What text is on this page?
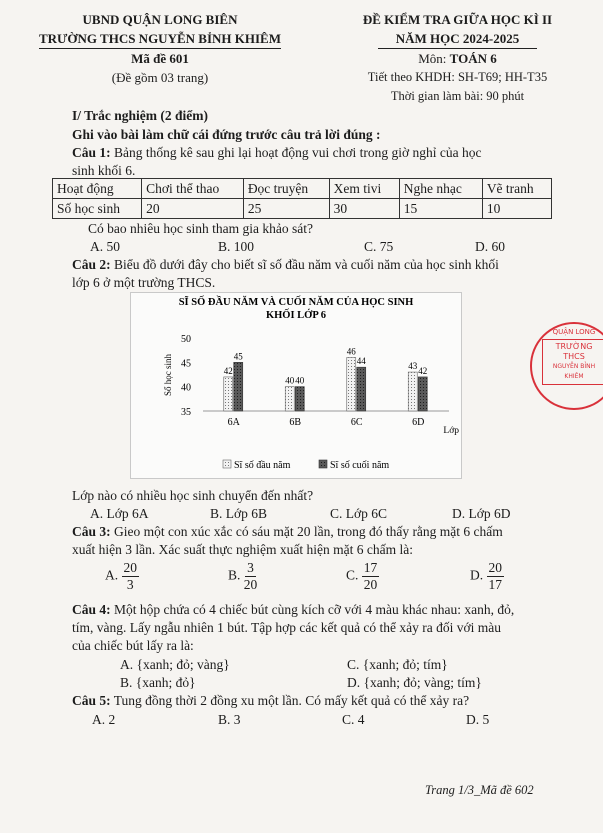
UBND QUẬN LONG BIÊN
TRƯỜNG THCS NGUYỄN BỈNH KHIÊM
Mã đề 601
(Đề gồm 03 trang)
ĐỀ KIỂM TRA GIỮA HỌC KÌ II
NĂM HỌC 2024-2025
Môn: TOÁN 6
Tiết theo KHDH: SH-T69; HH-T35
Thời gian làm bài: 90 phút
I/ Trắc nghiệm (2 điểm)
Ghi vào bài làm chữ cái đứng trước câu trả lời đúng :
Câu 1: Bảng thống kê sau ghi lại hoạt động vui chơi trong giờ nghỉ của học
sinh khối 6.
Hoạt động	Chơi thể thao	Đọc truyện	Xem tivi	Nghe nhạc	Vẽ tranh
Số học sinh	20	25	30	15	10
Có bao nhiêu học sinh tham gia khảo sát?
A. 50	B. 100	C. 75	D. 60
Câu 2: Biểu đồ dưới đây cho biết sĩ số đầu năm và cuối năm của học sinh khối
lớp 6 ở một trường THCS.
SĨ SỐ ĐẦU NĂM VÀ CUỐI NĂM CỦA HỌC SINH
KHỐI LỚP 6
Số học sinh
Lớp
35
40
45
50
42
45
6A
40 40
6B
46
44
6C
43 42
6D
Sĩ số đầu năm	Sĩ số cuối năm
Lớp nào có nhiều học sinh chuyển đến nhất?
A. Lớp 6A	B. Lớp 6B	C. Lớp 6C	D. Lớp 6D
Câu 3: Gieo một con xúc xắc có sáu mặt 20 lần, trong đó thấy rằng mặt 6 chấm
xuất hiện 3 lần. Xác suất thực nghiệm xuất hiện mặt 6 chấm là:
A. $\frac{20}{3}$	B. $\frac{3}{20}$	C. $\frac{17}{20}$	D. $\frac{20}{17}$
Câu 4: Một hộp chứa có 4 chiếc bút cùng kích cỡ với 4 màu khác nhau: xanh, đỏ,
tím, vàng. Lấy ngẫu nhiên 1 bút. Tập hợp các kết quả có thể xảy ra đối với màu
của chiếc bút lấy ra là:
A. {xanh; đỏ; vàng}	C. {xanh; đỏ; tím}
B. {xanh; đỏ}	D. {xanh; đỏ; vàng; tím}
Câu 5: Tung đồng thời 2 đồng xu một lần. Có mấy kết quả có thể xảy ra?
A. 2	B. 3	C. 4	D. 5
QUẬN LONG
TRƯỜNG
THCS
NGUYỄN BỈNH KHIÊM
Trang 1/3_Mã đề 602
